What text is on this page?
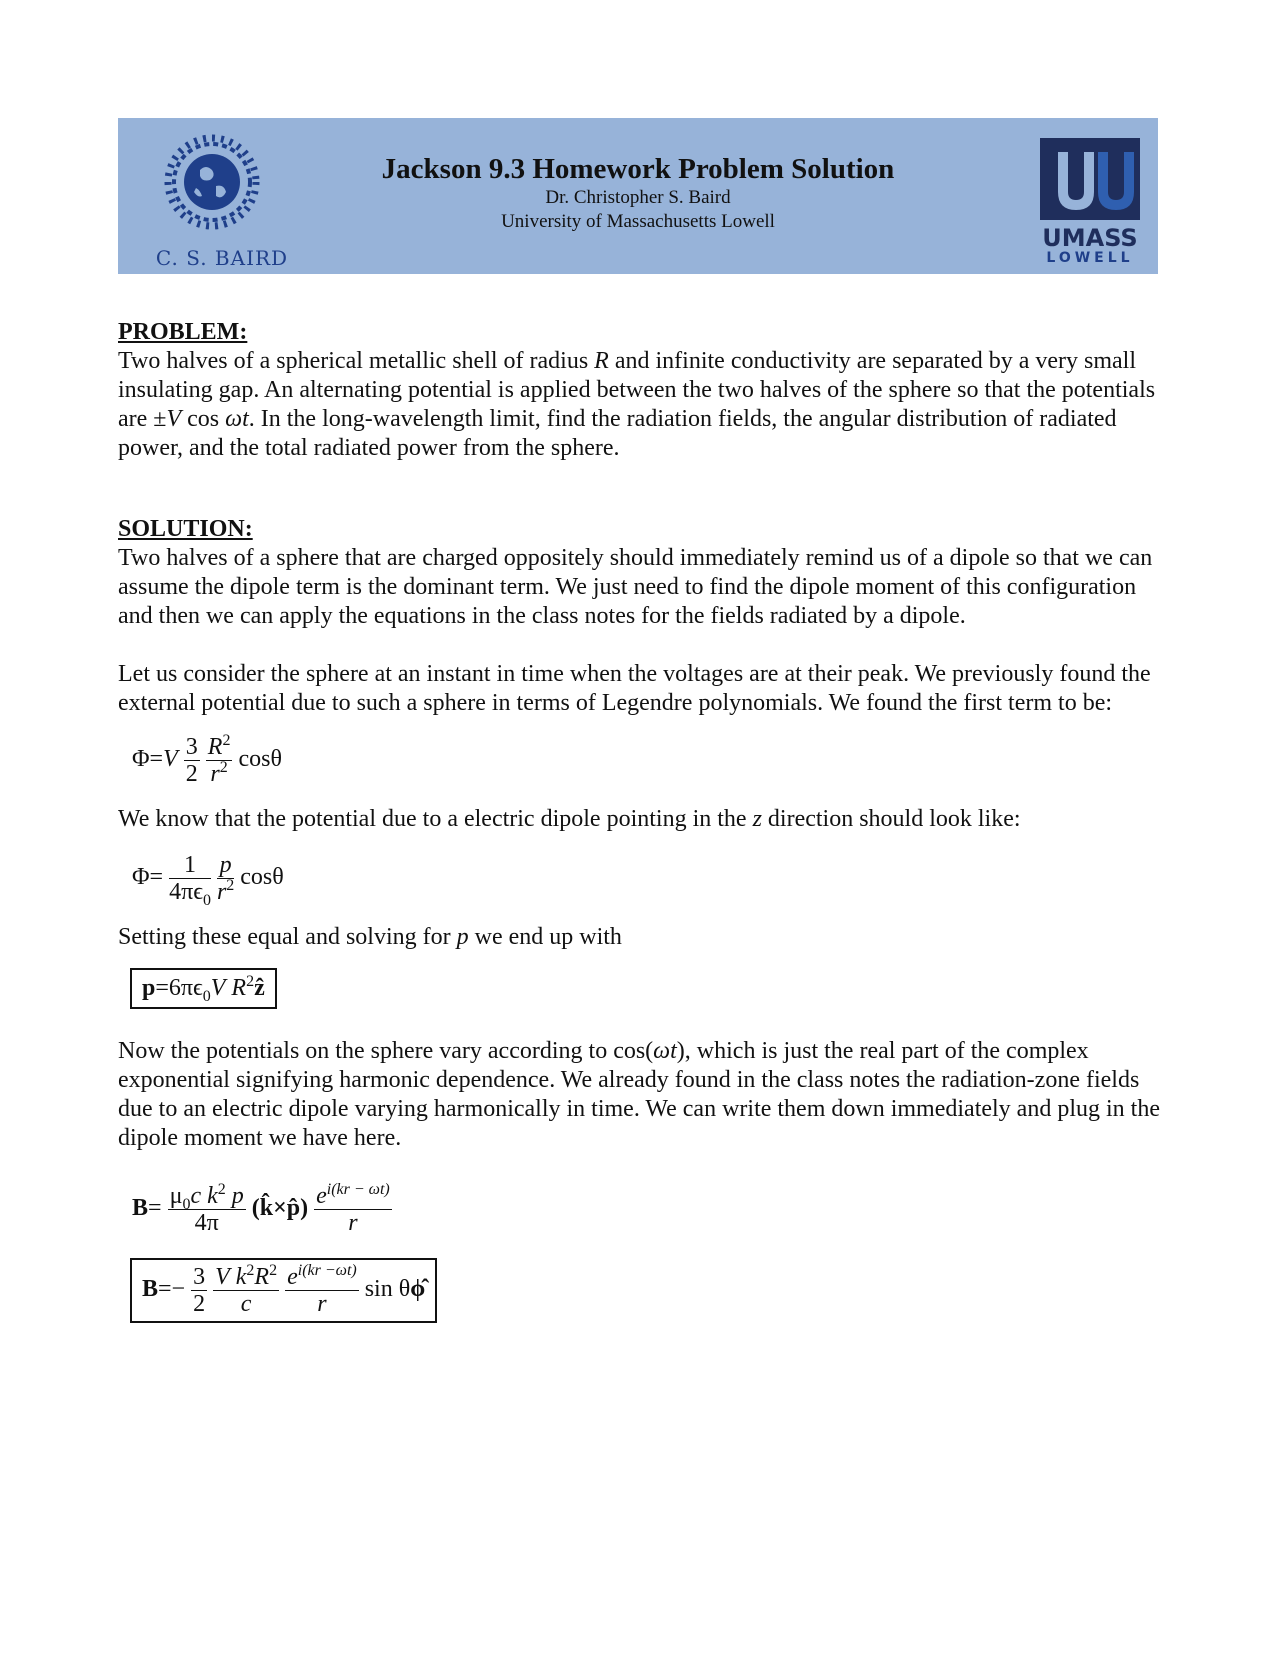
C. S. BAIRD
Jackson 9.3 Homework Problem Solution
Dr. Christopher S. Baird
University of Massachusetts Lowell
UMASS
LOWELL
PROBLEM:

Two halves of a spherical metallic shell of radius R and infinite conductivity are separated by a very small insulating gap. An alternating potential is applied between the two halves of the sphere so that the potentials are ±V cos ωt. In the long-wavelength limit, find the radiation fields, the angular distribution of radiated power, and the total radiated power from the sphere.

SOLUTION:

Two halves of a sphere that are charged oppositely should immediately remind us of a dipole so that we can assume the dipole term is the dominant term. We just need to find the dipole moment of this configuration and then we can apply the equations in the class notes for the fields radiated by a dipole.

Let us consider the sphere at an instant in time when the voltages are at their peak. We previously found the external potential due to such a sphere in terms of Legendre polynomials. We found the first term to be:

$\Phi=V \frac{3}{2}$
$\frac{R^2}{r^2}$ cosθ

We know that the potential due to a electric dipole pointing in the z direction should look like:

$\Phi= \frac{1}{4\pi\epsilon_0}$
$\frac{p}{r^2}$ cosθ

Setting these equal and solving for p we end up with

$p=6\pi\epsilon_0V$ $R^2ẑ$

Now the potentials on the sphere vary according to cos(ωt), which is just the real part of the complex exponential signifying harmonic dependence. We already found in the class notes the radiation-zone fields due to an electric dipole varying harmonically in time. We can write them down immediately and plug in the dipole moment we have here.

$B= \frac{\mu_0c k^2 p}{4\pi}$ (k̂×p̂) $\frac{e^{i(kr - \omega t)}}{r}$
$B=- \frac{3}{2}$
$\frac{V k^2R^2}{c}$
$\frac{e^{i(kr -\omega t)}}{r}$ sin θϕ̂
